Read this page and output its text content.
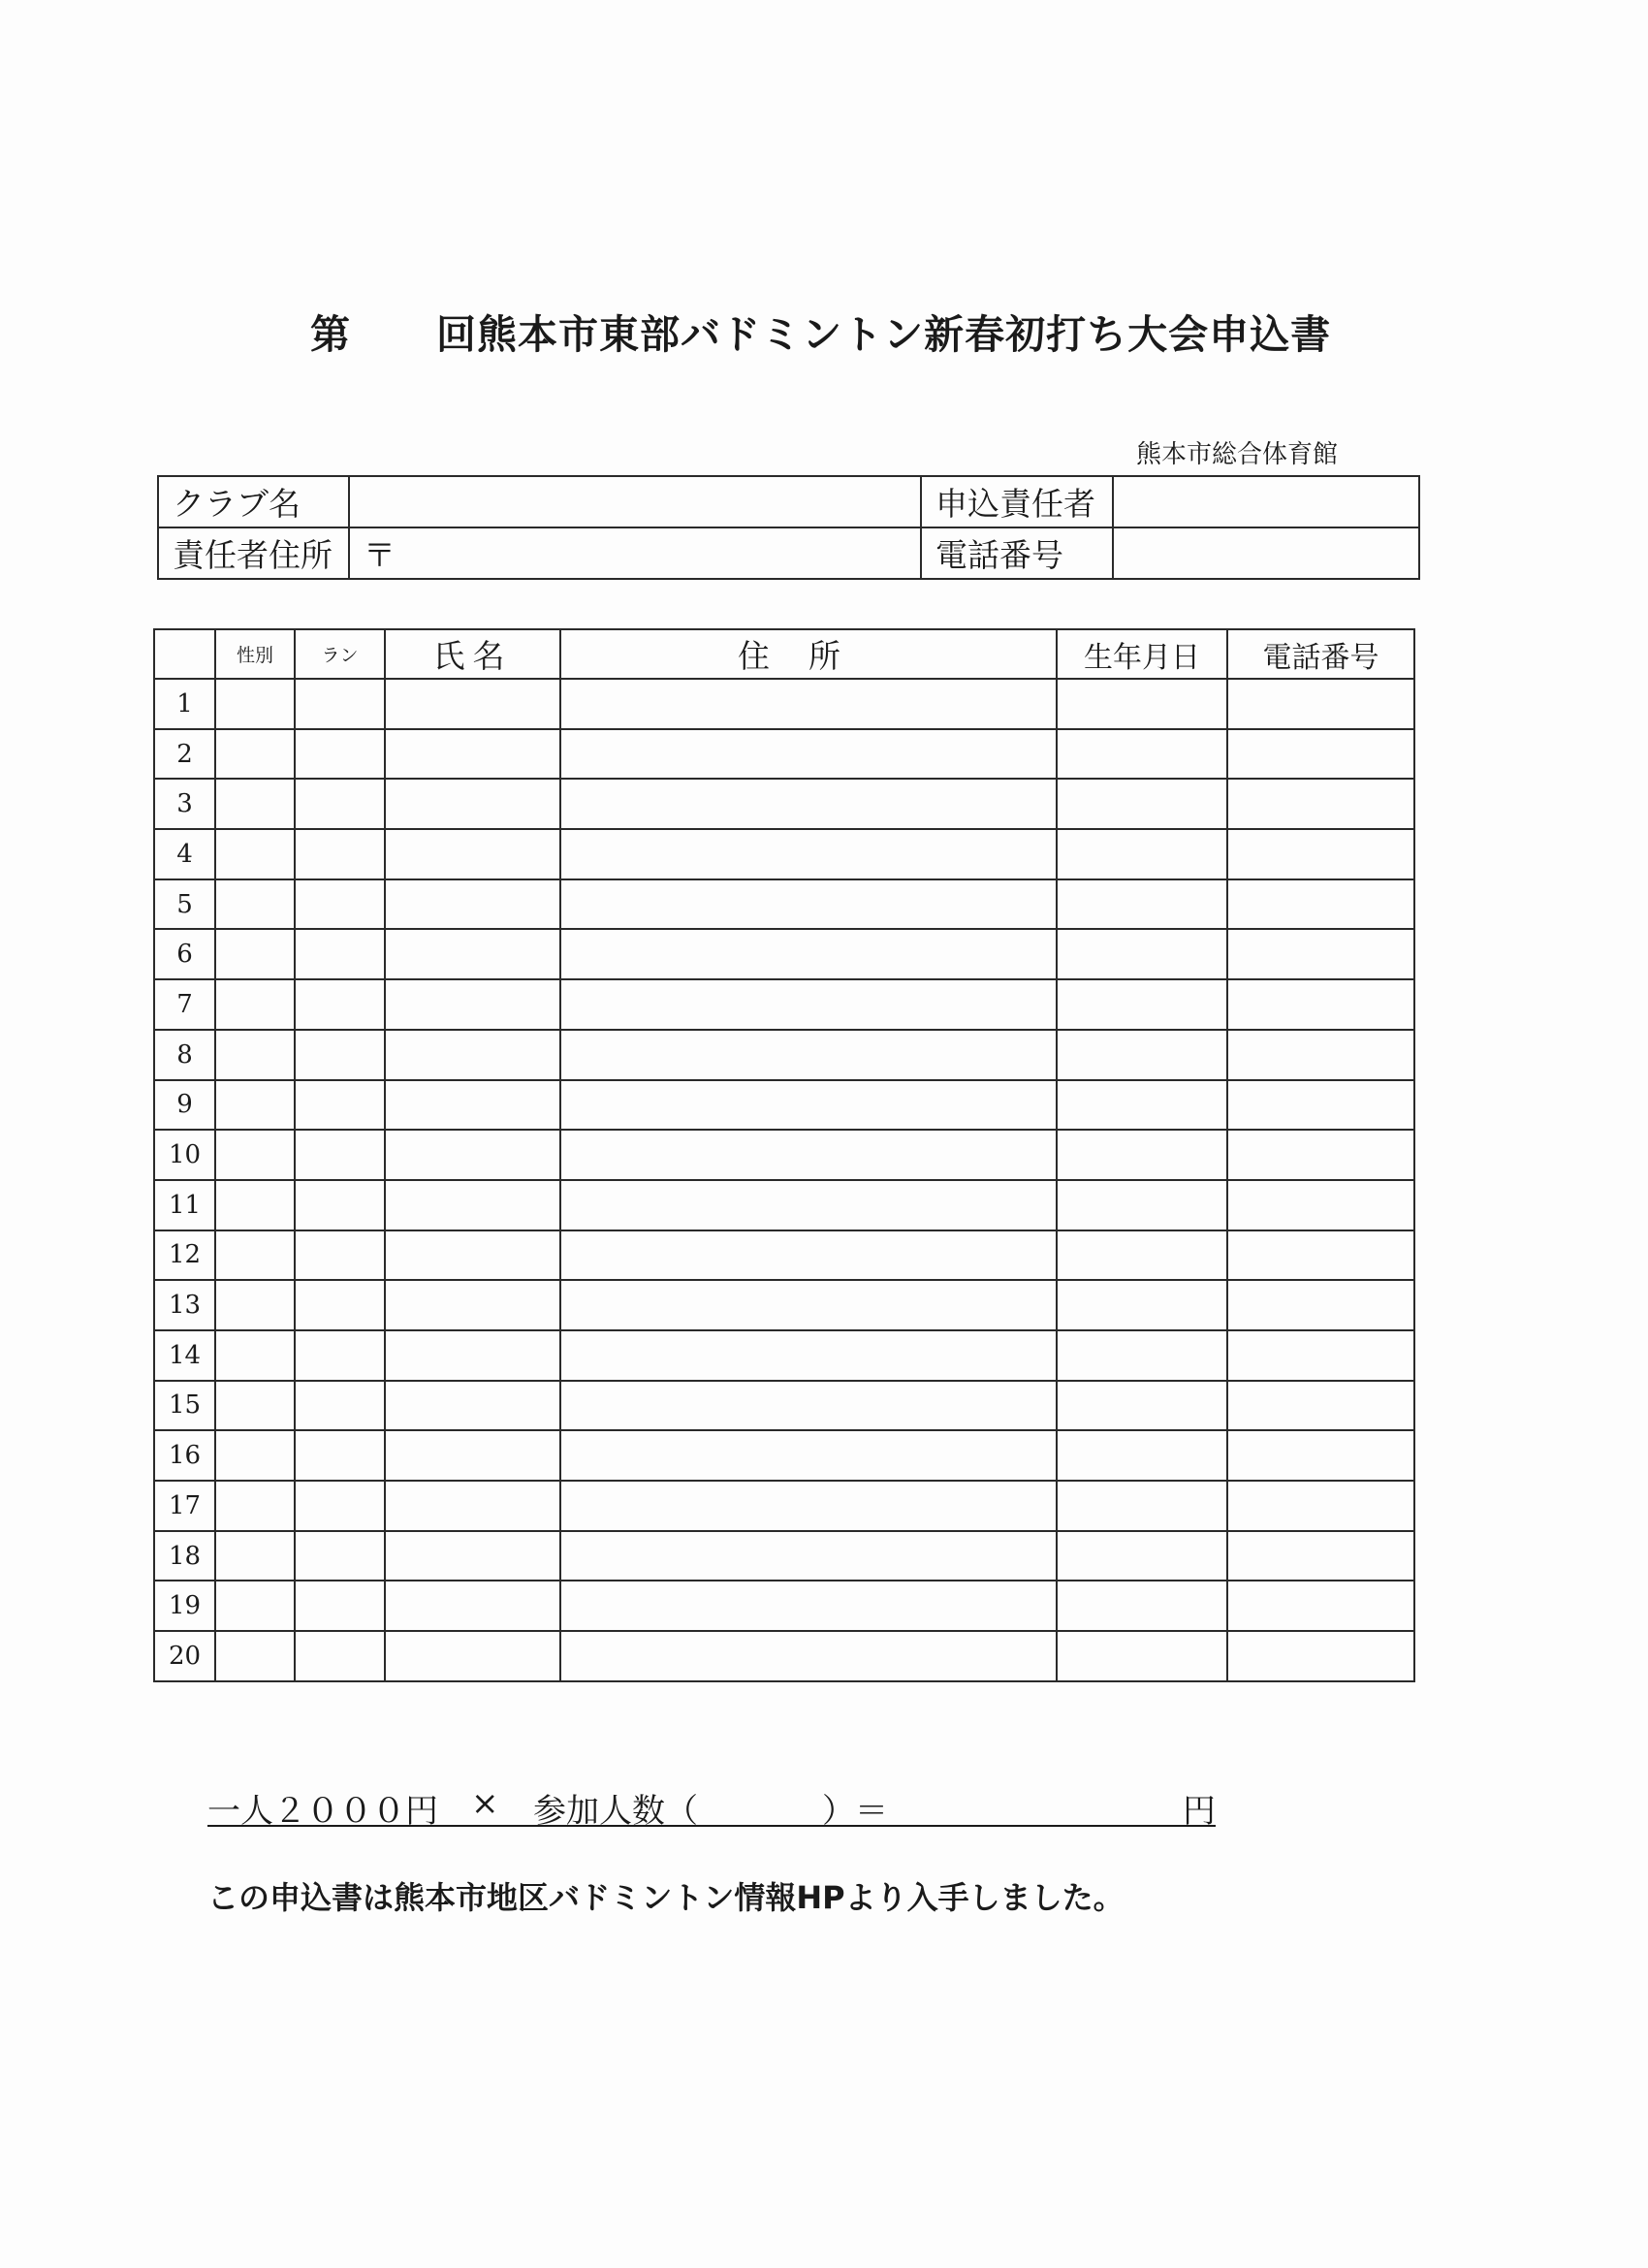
第 回熊本市東部バドミントン新春初打ち大会申込書
熊本市総合体育館
クラブ名		申込責任者	
責任者住所	〒	電話番号	
	性別	ラン	氏名	住所	生年月日	電話番号
1						
2						
3						
4						
5						
6						
7						
8						
9						
10						
11						
12						
13						
14						
15						
16						
17						
18						
19						
20						
一人２０００円 × 参加人数（	）＝	円
この申込書は熊本市地区バドミントン情報HPより入手しました。
